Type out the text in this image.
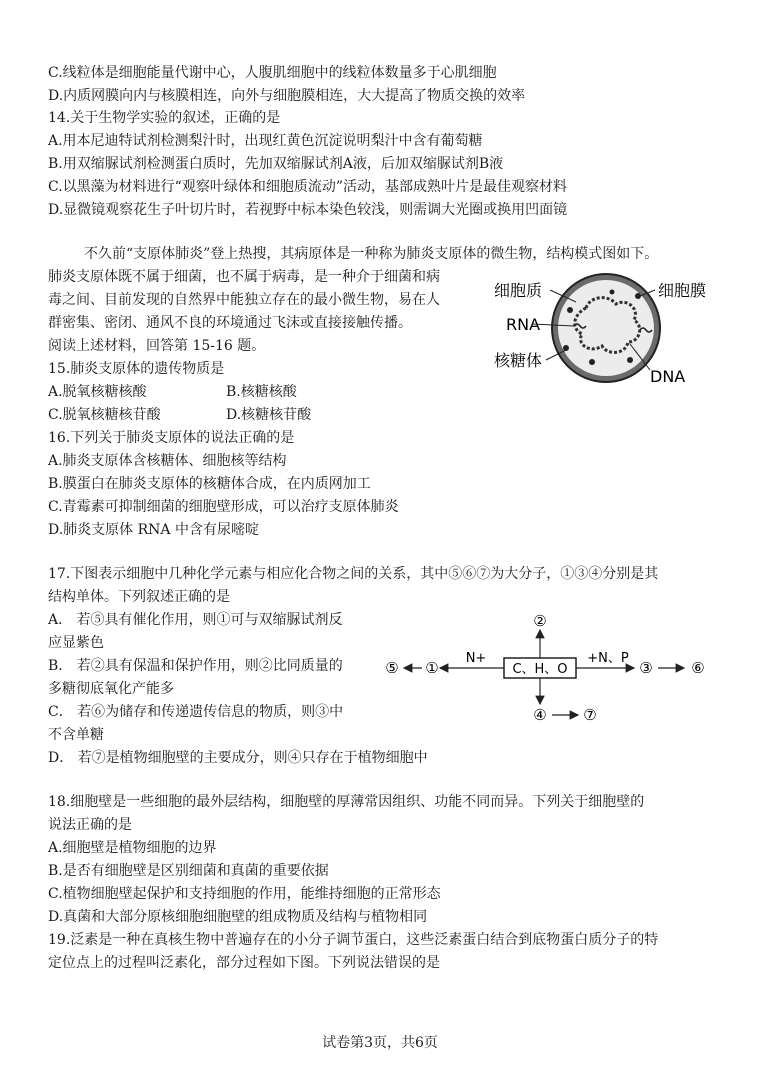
C.线粒体是细胞能量代谢中心，人腹肌细胞中的线粒体数量多于心肌细胞
D.内质网膜向内与核膜相连，向外与细胞膜相连，大大提高了物质交换的效率
14.关于生物学实验的叙述，正确的是
A.用本尼迪特试剂检测梨汁时，出现红黄色沉淀说明梨汁中含有葡萄糖
B.用双缩脲试剂检测蛋白质时，先加双缩脲试剂A液，后加双缩脲试剂B液
C.以黑藻为材料进行“观察叶绿体和细胞质流动”活动，基部成熟叶片是最佳观察材料
D.显微镜观察花生子叶切片时，若视野中标本染色较浅，则需调大光圈或换用凹面镜
不久前“支原体肺炎”登上热搜，其病原体是一种称为肺炎支原体的微生物，结构模式图如下。
肺炎支原体既不属于细菌，也不属于病毒，是一种介于细菌和病
毒之间、目前发现的自然界中能独立存在的最小微生物，易在人
群密集、密闭、通风不良的环境通过飞沫或直接接触传播。
阅读上述材料，回答第 15-16 题。
细胞质	细胞膜
RNA
核糖体
DNA
15.肺炎支原体的遗传物质是
A.脱氧核糖核酸	B.核糖核酸
C.脱氧核糖核苷酸	D.核糖核苷酸
16.下列关于肺炎支原体的说法正确的是
A.肺炎支原体含核糖体、细胞核等结构
B.膜蛋白在肺炎支原体的核糖体合成，在内质网加工
C.青霉素可抑制细菌的细胞壁形成，可以治疗支原体肺炎
D.肺炎支原体 RNA 中含有尿嘧啶
17.下图表示细胞中几种化学元素与相应化合物之间的关系，其中⑤⑥⑦为大分子，①③④分别是其
结构单体。下列叙述正确的是
A． 若⑤具有催化作用，则①可与双缩脲试剂反
应显紫色
B． 若②具有保温和保护作用，则②比同质量的
多糖彻底氧化产能多
C． 若⑥为储存和传递遗传信息的物质，则③中
不含单糖
D． 若⑦是植物细胞壁的主要成分，则④只存在于植物细胞中
C、H、O
②
N+
①
⑤
+N、P
③	⑥
④ ⑦
18.细胞壁是一些细胞的最外层结构，细胞壁的厚薄常因组织、功能不同而异。下列关于细胞壁的
说法正确的是
A.细胞壁是植物细胞的边界
B.是否有细胞壁是区别细菌和真菌的重要依据
C.植物细胞壁起保护和支持细胞的作用，能维持细胞的正常形态
D.真菌和大部分原核细胞细胞壁的组成物质及结构与植物相同
19.泛素是一种在真核生物中普遍存在的小分子调节蛋白，这些泛素蛋白结合到底物蛋白质分子的特
定位点上的过程叫泛素化，部分过程如下图。下列说法错误的是
试卷第3页，共6页
